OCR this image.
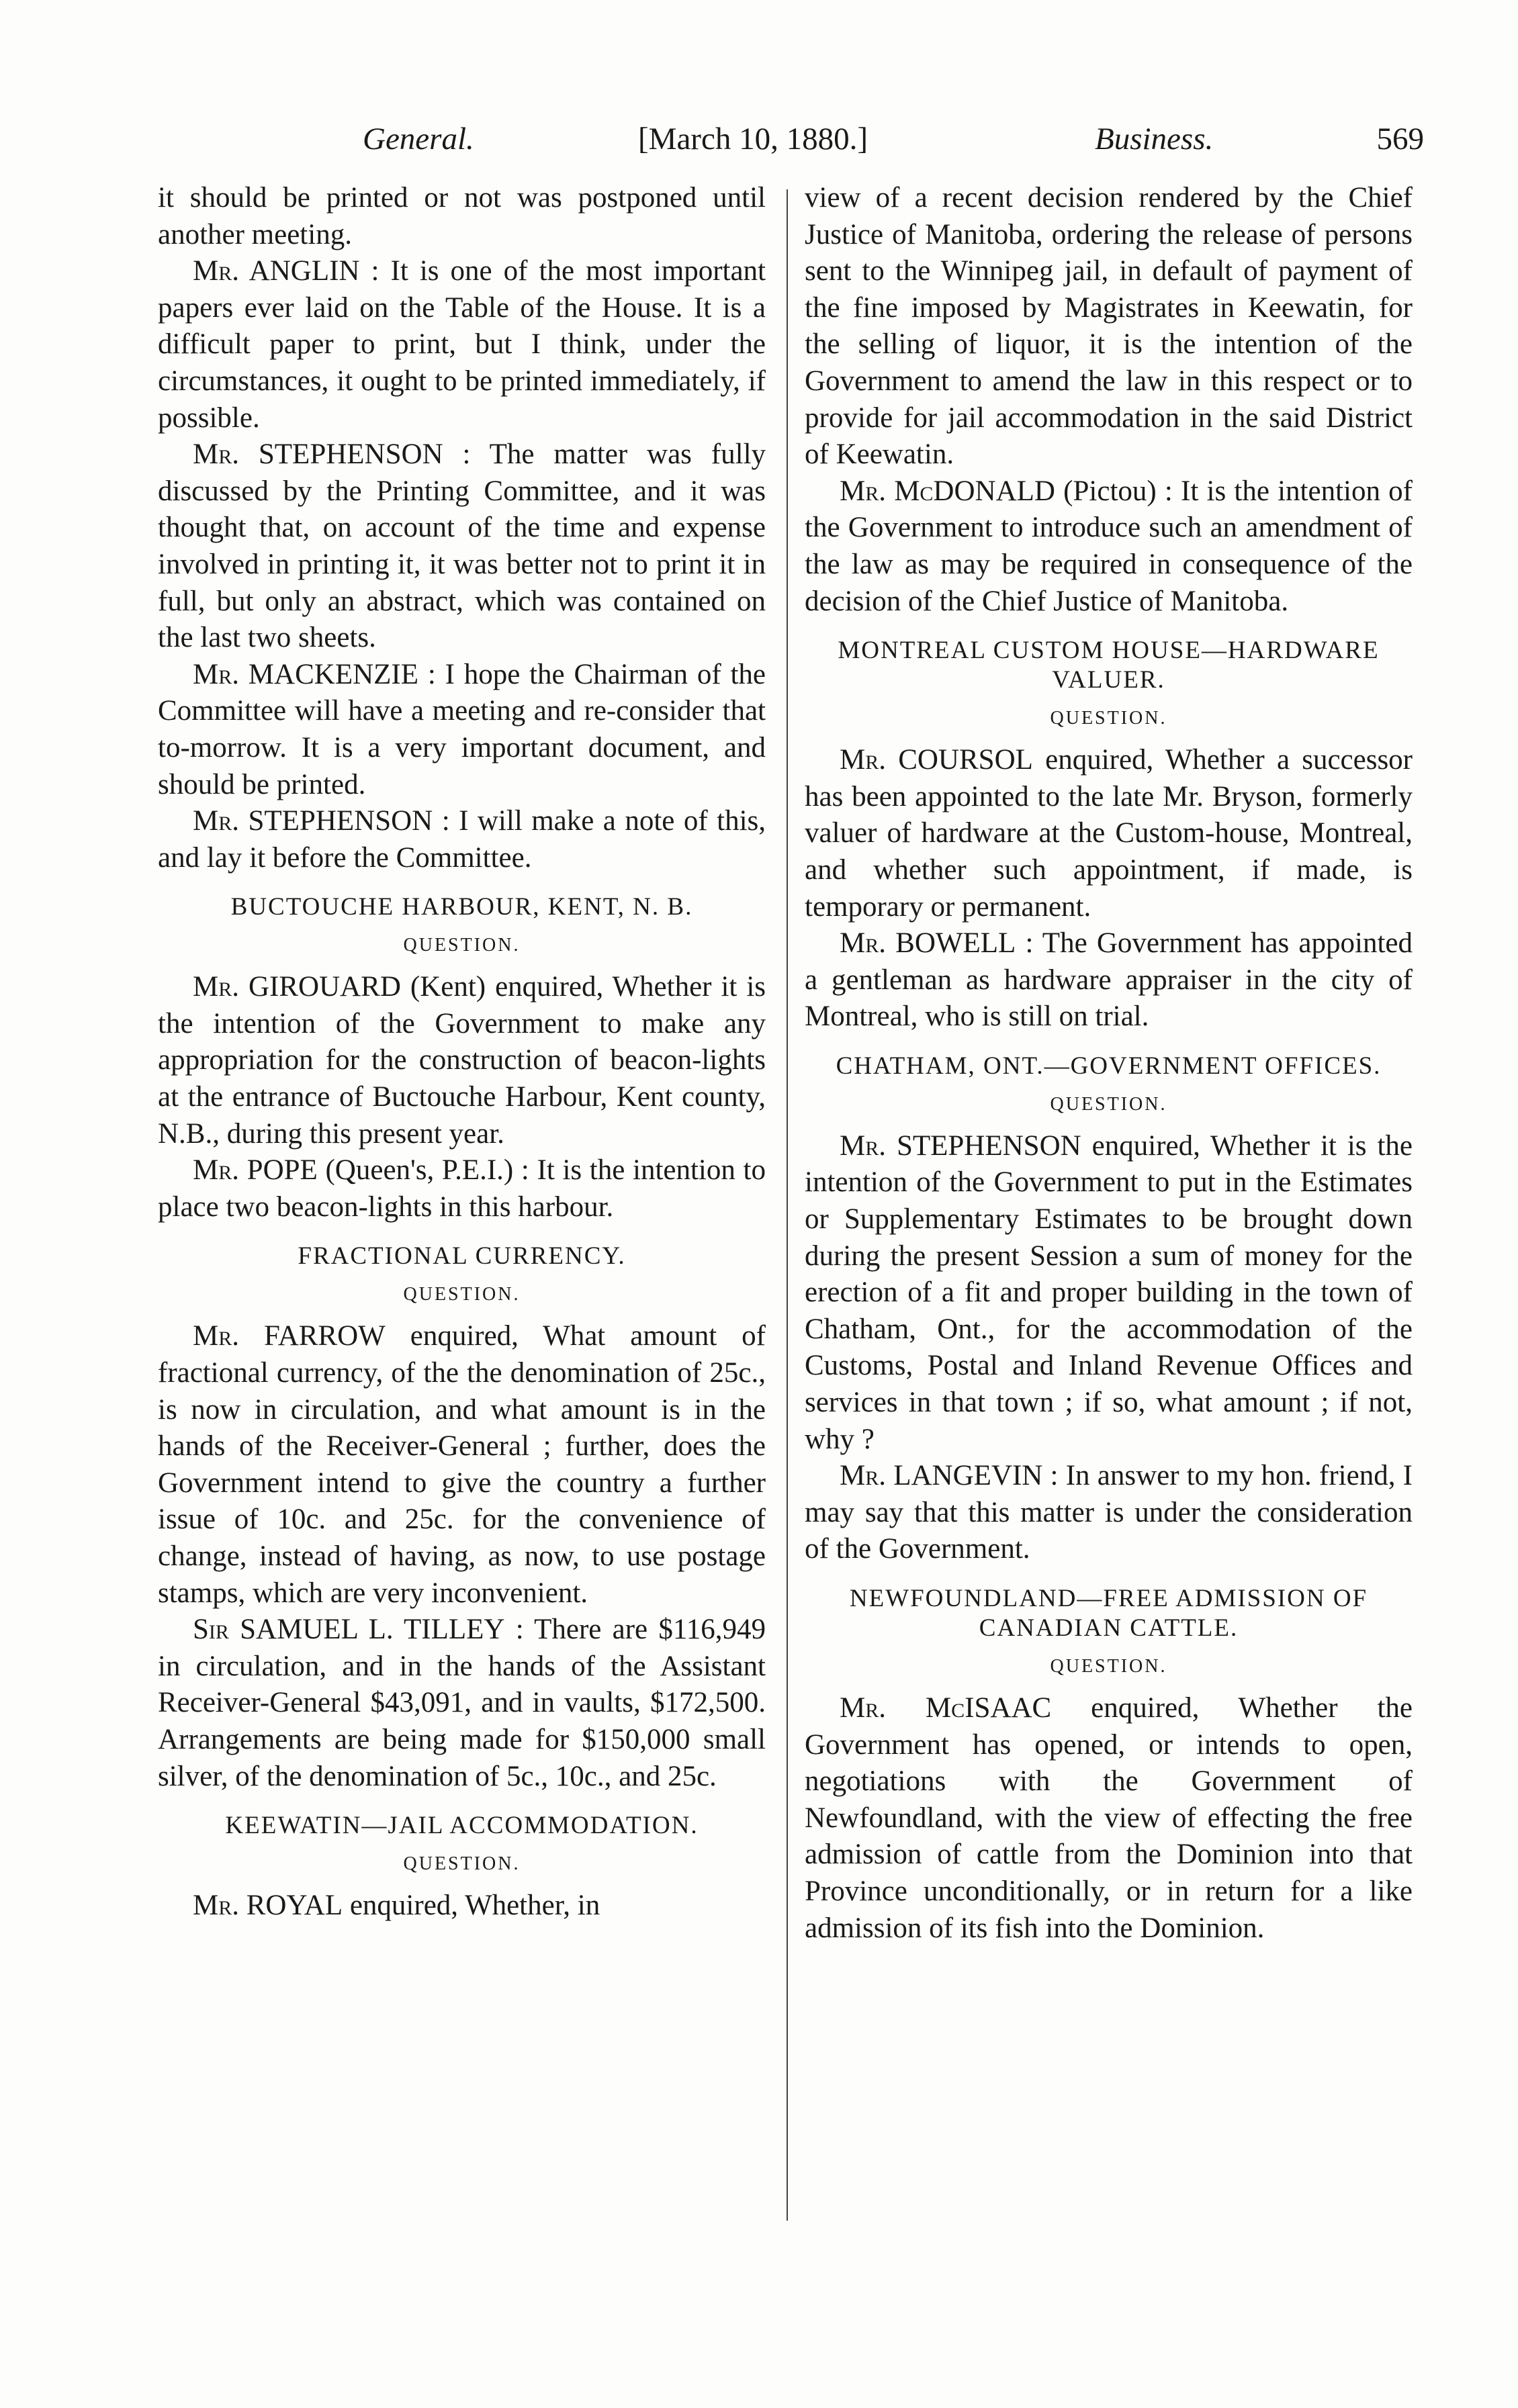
General.	[March 10, 1880.]	Business.	569

it should be printed or not was postponed until another meeting.

Mr. ANGLIN : It is one of the most important papers ever laid on the Table of the House. It is a difficult paper to print, but I think, under the circumstances, it ought to be printed immediately, if possible.

Mr. STEPHENSON : The matter was fully discussed by the Printing Committee, and it was thought that, on account of the time and expense involved in printing it, it was better not to print it in full, but only an abstract, which was contained on the last two sheets.

Mr. MACKENZIE : I hope the Chairman of the Committee will have a meeting and re-consider that to-morrow. It is a very important document, and should be printed.

Mr. STEPHENSON : I will make a note of this, and lay it before the Committee.

BUCTOUCHE HARBOUR, KENT, N. B.
QUESTION.

Mr. GIROUARD (Kent) enquired, Whether it is the intention of the Government to make any appropriation for the construction of beacon-lights at the entrance of Buctouche Harbour, Kent county, N.B., during this present year.

Mr. POPE (Queen's, P.E.I.) : It is the intention to place two beacon-lights in this harbour.

FRACTIONAL CURRENCY.
QUESTION.

Mr. FARROW enquired, What amount of fractional currency, of the the denomination of 25c., is now in circulation, and what amount is in the hands of the Receiver-General ; further, does the Government intend to give the country a further issue of 10c. and 25c. for the convenience of change, instead of having, as now, to use postage stamps, which are very inconvenient.

Sir SAMUEL L. TILLEY : There are $116,949 in circulation, and in the hands of the Assistant Receiver-General $43,091, and in vaults, $172,500. Arrangements are being made for $150,000 small silver, of the denomination of 5c., 10c., and 25c.

KEEWATIN—JAIL ACCOMMODATION.
QUESTION.

Mr. ROYAL enquired, Whether, in

view of a recent decision rendered by the Chief Justice of Manitoba, ordering the release of persons sent to the Winnipeg jail, in default of payment of the fine imposed by Magistrates in Keewatin, for the selling of liquor, it is the intention of the Government to amend the law in this respect or to provide for jail accommodation in the said District of Keewatin.

Mr. McDONALD (Pictou) : It is the intention of the Government to introduce such an amendment of the law as may be required in consequence of the decision of the Chief Justice of Manitoba.

MONTREAL CUSTOM HOUSE—HARDWARE VALUER.
QUESTION.

Mr. COURSOL enquired, Whether a successor has been appointed to the late Mr. Bryson, formerly valuer of hardware at the Custom-house, Montreal, and whether such appointment, if made, is temporary or permanent.

Mr. BOWELL : The Government has appointed a gentleman as hardware appraiser in the city of Montreal, who is still on trial.

CHATHAM, ONT.—GOVERNMENT OFFICES.
QUESTION.

Mr. STEPHENSON enquired, Whether it is the intention of the Government to put in the Estimates or Supplementary Estimates to be brought down during the present Session a sum of money for the erection of a fit and proper building in the town of Chatham, Ont., for the accommodation of the Customs, Postal and Inland Revenue Offices and services in that town ; if so, what amount ; if not, why ?

Mr. LANGEVIN : In answer to my hon. friend, I may say that this matter is under the consideration of the Government.

NEWFOUNDLAND—FREE ADMISSION OF CANADIAN CATTLE.
QUESTION.

Mr. McISAAC enquired, Whether the Government has opened, or intends to open, negotiations with the Government of Newfoundland, with the view of effecting the free admission of cattle from the Dominion into that Province unconditionally, or in return for a like admission of its fish into the Dominion.
